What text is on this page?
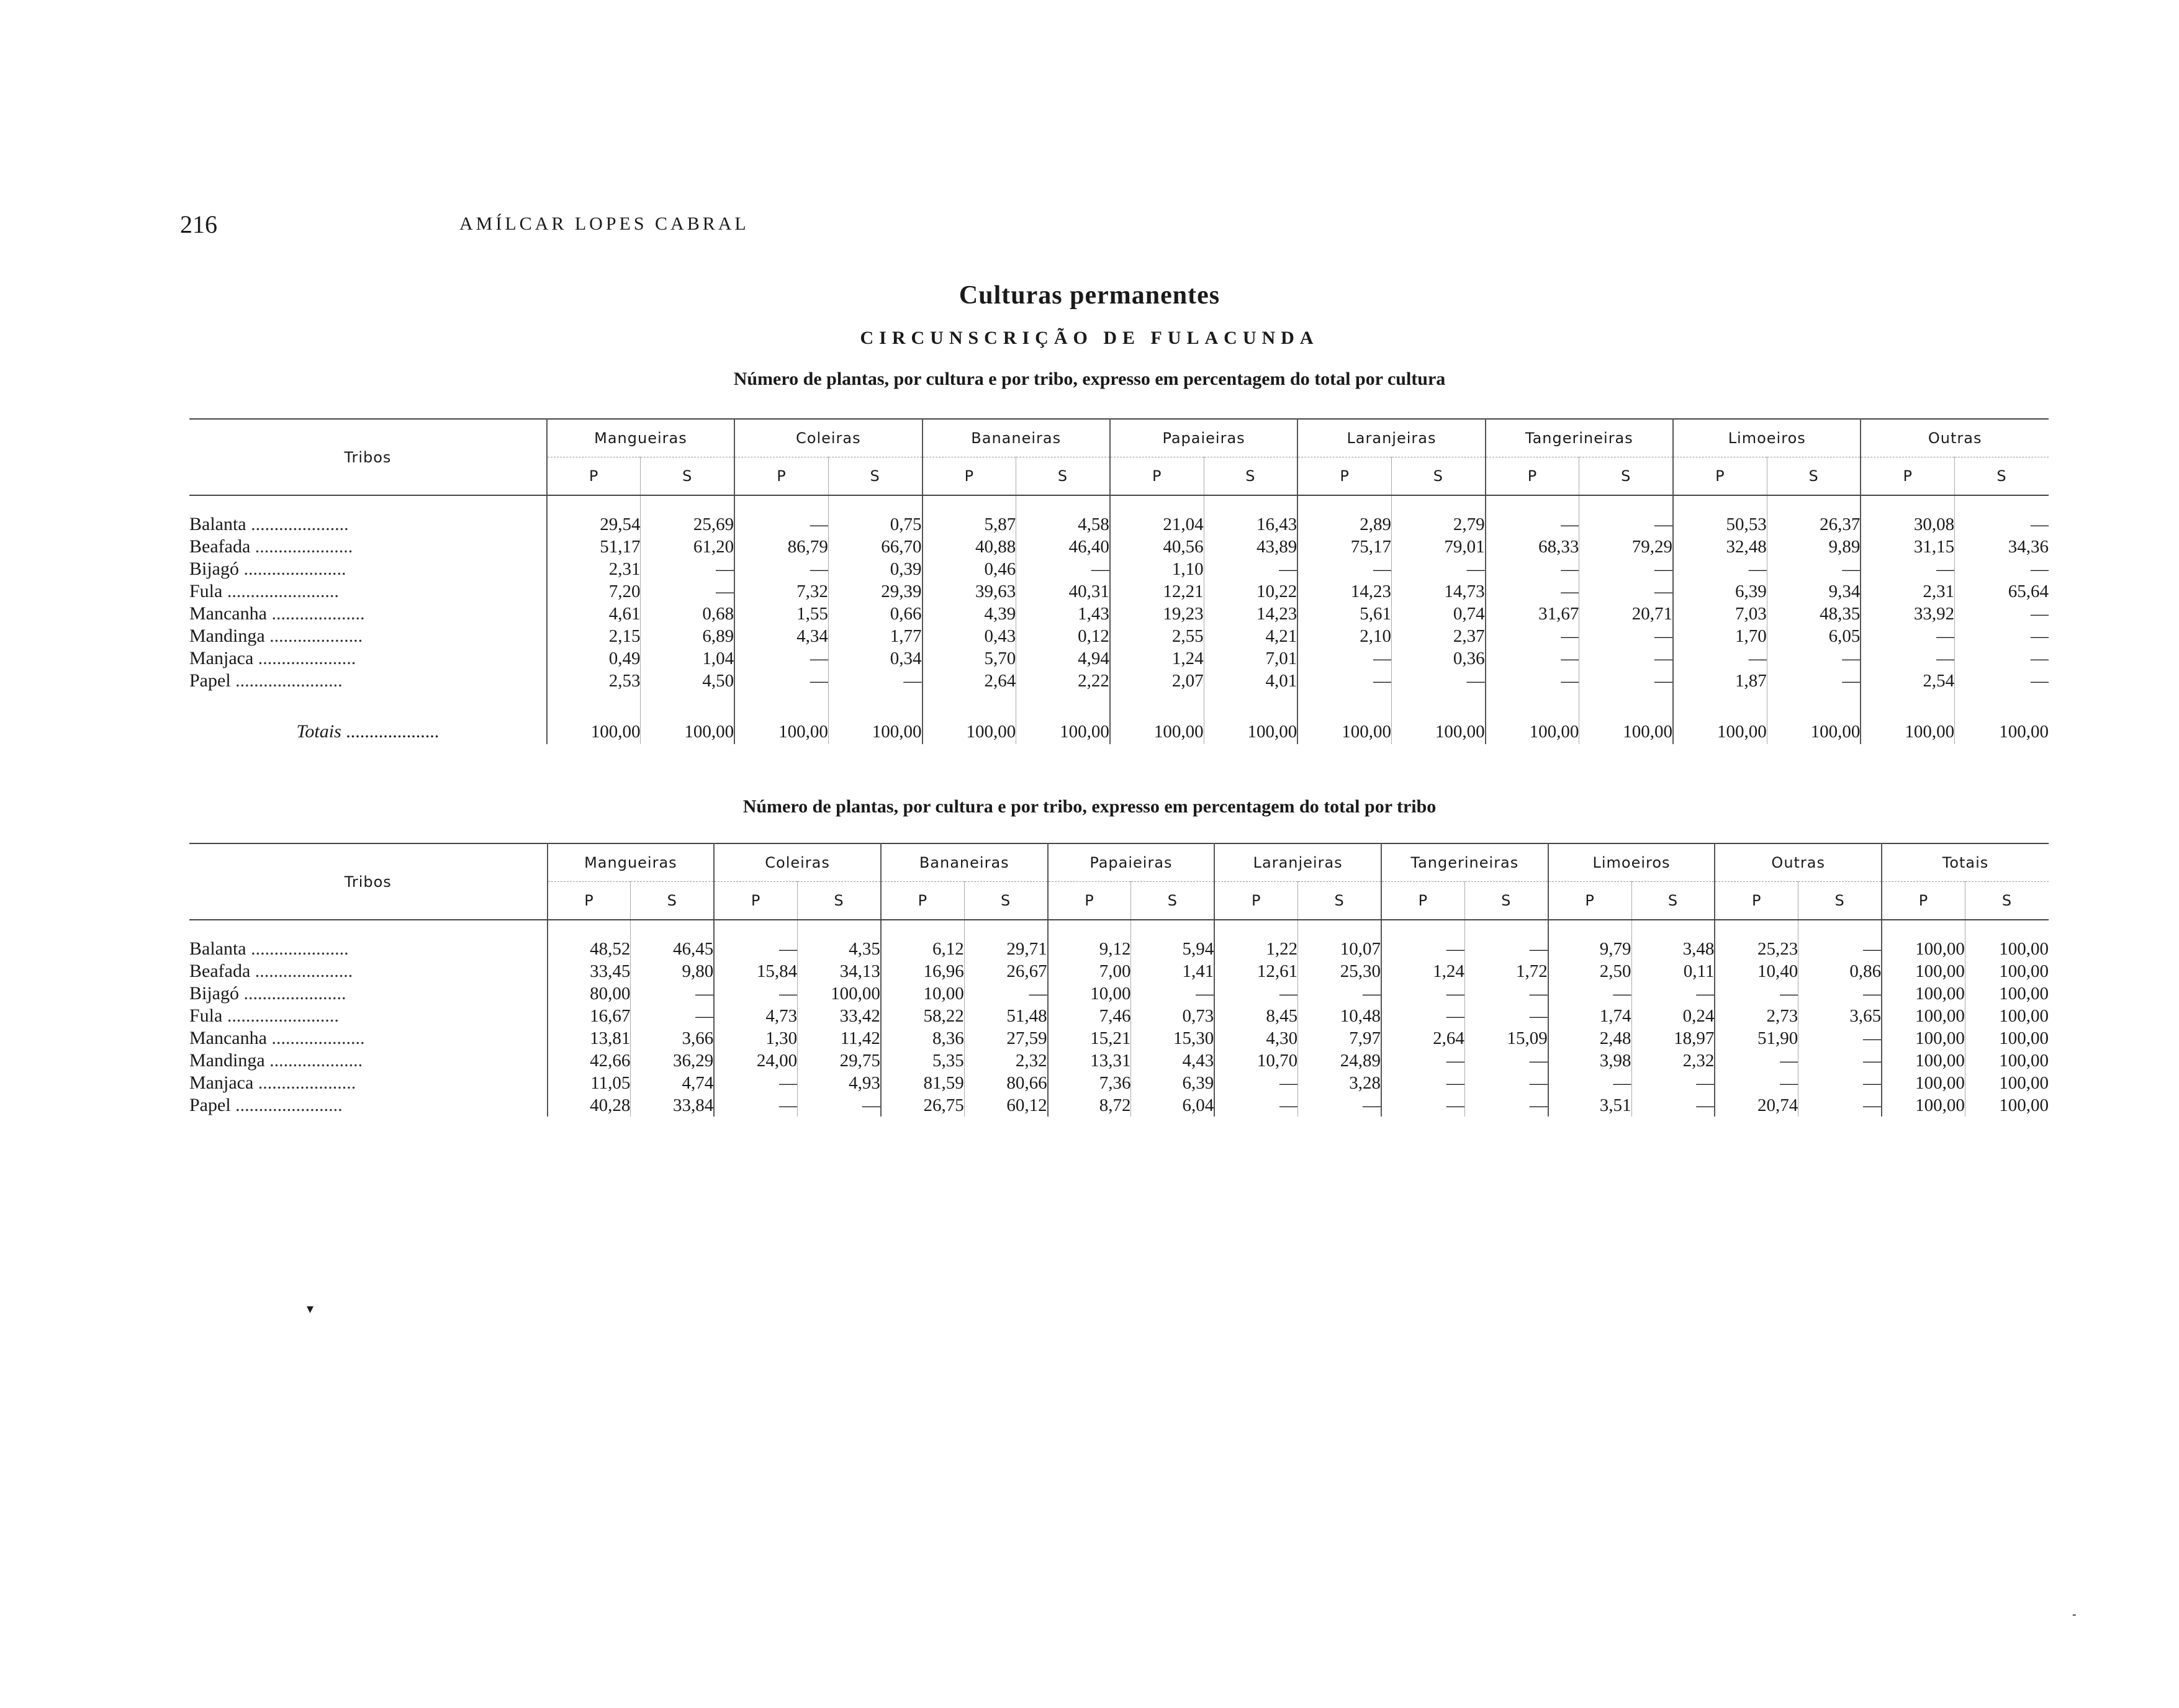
216	AMÍLCAR LOPES CABRAL
Culturas permanentes
CIRCUNSCRIÇÃO DE FULACUNDA
Número de plantas, por cultura e por tribo, expresso em percentagem do total por cultura
Tribos	Mangueiras		Coleiras		Bananeiras		Papaieiras		Laranjeiras		Tangerineiras		Limoeiros		Outras	
	P	S	P	S	P	S	P	S	P	S	P	S	P	S	P	S

Balanta .....................	29,54	25,69	—	0,75	5,87	4,58	21,04	16,43	2,89	2,79	—	—	50,53	26,37	30,08	—
Beafada .....................	51,17	61,20	86,79	66,70	40,88	46,40	40,56	43,89	75,17	79,01	68,33	79,29	32,48	9,89	31,15	34,36
Bijagó ......................	2,31	—	—	0,39	0,46	—	1,10	—	—	—	—	—	—	—	—	—
Fula ........................	7,20	—	7,32	29,39	39,63	40,31	12,21	10,22	14,23	14,73	—	—	6,39	9,34	2,31	65,64
Mancanha ....................	4,61	0,68	1,55	0,66	4,39	1,43	19,23	14,23	5,61	0,74	31,67	20,71	7,03	48,35	33,92	—
Mandinga ....................	2,15	6,89	4,34	1,77	0,43	0,12	2,55	4,21	2,10	2,37	—	—	1,70	6,05	—	—
Manjaca .....................	0,49	1,04	—	0,34	5,70	4,94	1,24	7,01	—	0,36	—	—	—	—	—	—
Papel .......................	2,53	4,50	—	—	2,64	2,22	2,07	4,01	—	—	—	—	1,87	—	2,54	—

Totais ....................	100,00	100,00	100,00	100,00	100,00	100,00	100,00	100,00	100,00	100,00	100,00	100,00	100,00	100,00	100,00	100,00
Número de plantas, por cultura e por tribo, expresso em percentagem do total por tribo
Tribos	Mangueiras		Coleiras		Bananeiras		Papaieiras		Laranjeiras		Tangerineiras		Limoeiros		Outras		Totais	
	P	S	P	S	P	S	P	S	P	S	P	S	P	S	P	S	P	S

Balanta .....................	48,52	46,45	—	4,35	6,12	29,71	9,12	5,94	1,22	10,07	—	—	9,79	3,48	25,23	—	100,00	100,00
Beafada .....................	33,45	9,80	15,84	34,13	16,96	26,67	7,00	1,41	12,61	25,30	1,24	1,72	2,50	0,11	10,40	0,86	100,00	100,00
Bijagó ......................	80,00	—	—	100,00	10,00	—	10,00	—	—	—	—	—	—	—	—	—	100,00	100,00
Fula ........................	16,67	—	4,73	33,42	58,22	51,48	7,46	0,73	8,45	10,48	—	—	1,74	0,24	2,73	3,65	100,00	100,00
Mancanha ....................	13,81	3,66	1,30	11,42	8,36	27,59	15,21	15,30	4,30	7,97	2,64	15,09	2,48	18,97	51,90	—	100,00	100,00
Mandinga ....................	42,66	36,29	24,00	29,75	5,35	2,32	13,31	4,43	10,70	24,89	—	—	3,98	2,32	—	—	100,00	100,00
Manjaca .....................	11,05	4,74	—	4,93	81,59	80,66	7,36	6,39	—	3,28	—	—	—	—	—	—	100,00	100,00
Papel .......................	40,28	33,84	—	—	26,75	60,12	8,72	6,04	—	—	—	—	3,51	—	20,74	—	100,00	100,00
▾
-
